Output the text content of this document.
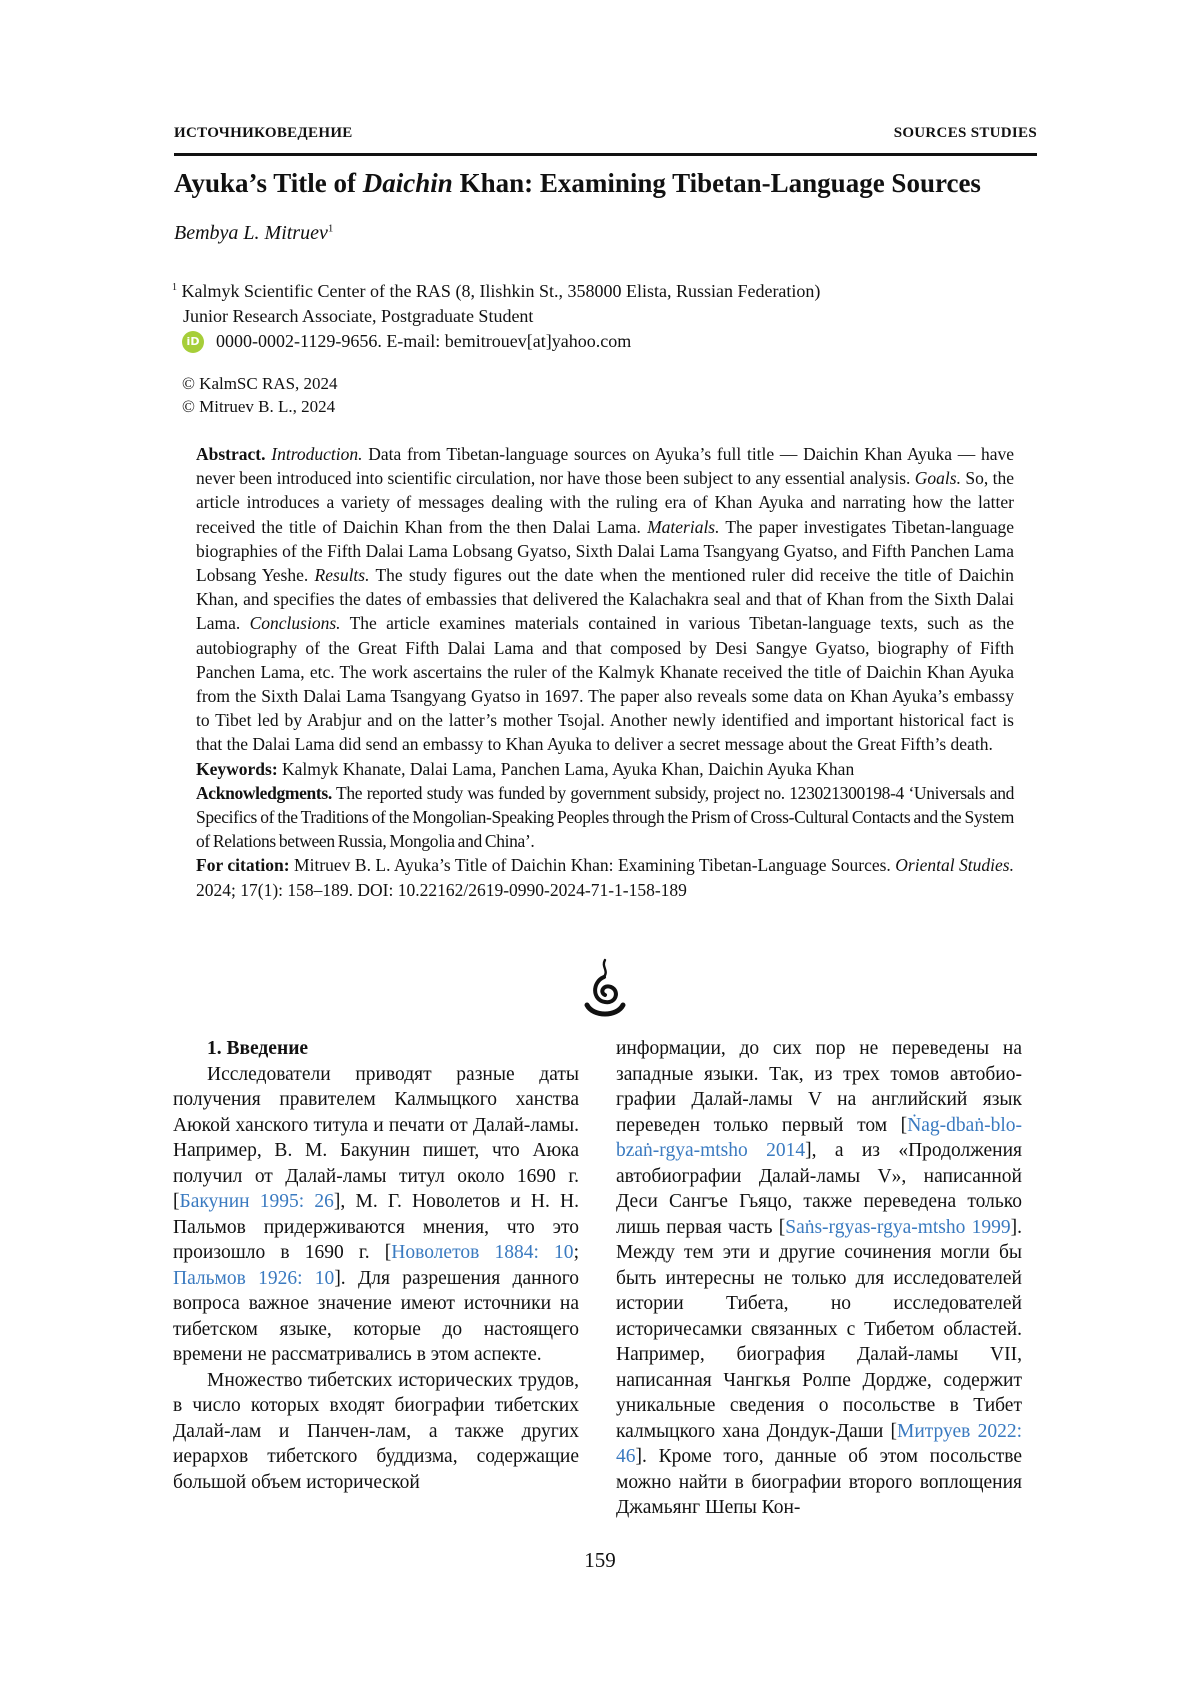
ИСТОЧНИКОВЕДЕНИЕ	SOURCES STUDIES
Ayuka’s Title of Daichin Khan: Examining Tibetan-Language Sources
Bembya L. Mitruev$^1$
$^1$ Kalmyk Scientific Center of the RAS (8, Ilishkin St., 358000 Elista, Russian Federation)
Junior Research Associate, Postgraduate Student
iD 0000-0002-1129-9656. E-mail: bemitrouev[at]yahoo.com
© KalmSC RAS, 2024
© Mitruev B. L., 2024

Abstract. Introduction. Data from Tibetan-language sources on Ayuka’s full title — Daichin Khan Ayuka — have never been introduced into scientific circulation, nor have those been subject to any essential analysis. Goals. So, the article introduces a variety of messages dealing with the ruling era of Khan Ayuka and narrating how the latter received the title of Daichin Khan from the then Dalai Lama. Materials. The paper investigates Tibetan-language biographies of the Fifth Dalai Lama Lobsang Gyatso, Sixth Dalai Lama Tsangyang Gyatso, and Fifth Panchen Lama Lobsang Yeshe. Results. The study figures out the date when the mentioned ruler did receive the title of Daichin Khan, and specifies the dates of embassies that delivered the Kalachakra seal and that of Khan from the Sixth Dalai Lama. Conclusions. The article examines materials contained in various Tibetan-language texts, such as the autobiography of the Great Fifth Dalai Lama and that composed by Desi Sangye Gyatso, biography of Fifth Panchen Lama, etc. The work ascertains the ruler of the Kalmyk Khanate received the title of Daichin Khan Ayuka from the Sixth Dalai Lama Tsangyang Gyatso in 1697. The paper also reveals some data on Khan Ayuka’s embassy to Tibet led by Arabjur and on the latter’s mother Tsojal. Another newly identified and important historical fact is that the Dalai Lama did send an embassy to Khan Ayuka to deliver a secret message about the Great Fifth’s death.

Keywords: Kalmyk Khanate, Dalai Lama, Panchen Lama, Ayuka Khan, Daichin Ayuka Khan

Acknowledgments. The reported study was funded by government subsidy, project no. 123021300198-4 ‘Universals and Specifics of the Traditions of the Mongolian-Speaking Peoples through the Prism of Cross-Cultural Contacts and the System of Relations between Russia, Mongolia and China’.

For citation: Mitruev B. L. Ayuka’s Title of Daichin Khan: Examining Tibetan-Language Sources. Oriental Studies. 2024; 17(1): 158–189. DOI: 10.22162/2619-0990-2024-71-1-158-189

1. Введение

Исследователи приводят разные даты получения правителем Калмыцкого ханства Аюкой ханского титула и печати от Далай-ламы. Например, В. М. Бакунин пишет, что Аюка получил от Далай-ламы титул около 1690 г. [Бакунин 1995: 26], М. Г. Новолетов и Н. Н. Пальмов придерживаются мнения, что это произошло в 1690 г. [Новолетов 1884: 10; Пальмов 1926: 10]. Для разрешения данного вопроса важное значение имеют источники на тибетском языке, которые до настоящего времени не рассматривались в этом аспекте.

Множество тибетских исторических трудов, в число которых входят биографии тибетских Далай-лам и Панчен-лам, а также других иерархов тибетского буддизма, содержащие большой объем исторической

информации, до сих пор не переведены на западные языки. Так, из трех томов автобиографии Далай-ламы V на английский язык переведен только первый том [Ṅag-dbaṅ-blobzaṅ-rgya-mtsho 2014], а из «Продолжения автобиографии Далай-ламы V», написанной Деси Сангъе Гьяцо, также переведена только лишь первая часть [Saṅs-rgyas-rgya-mtsho 1999]. Между тем эти и другие сочинения могли бы быть интересны не только для исследователей истории Тибета, но исследователей историчесамки связанных с Тибетом областей. Например, биография Далай-ламы VII, написанная Чангкья Ролпе Дордже, содержит уникальные сведения о посольстве в Тибет калмыцкого хана Дондук-Даши [Митруев 2022: 46]. Кроме того, данные об этом посольстве можно найти в биографии второго воплощения Джамьянг Шепы Кон-

159
